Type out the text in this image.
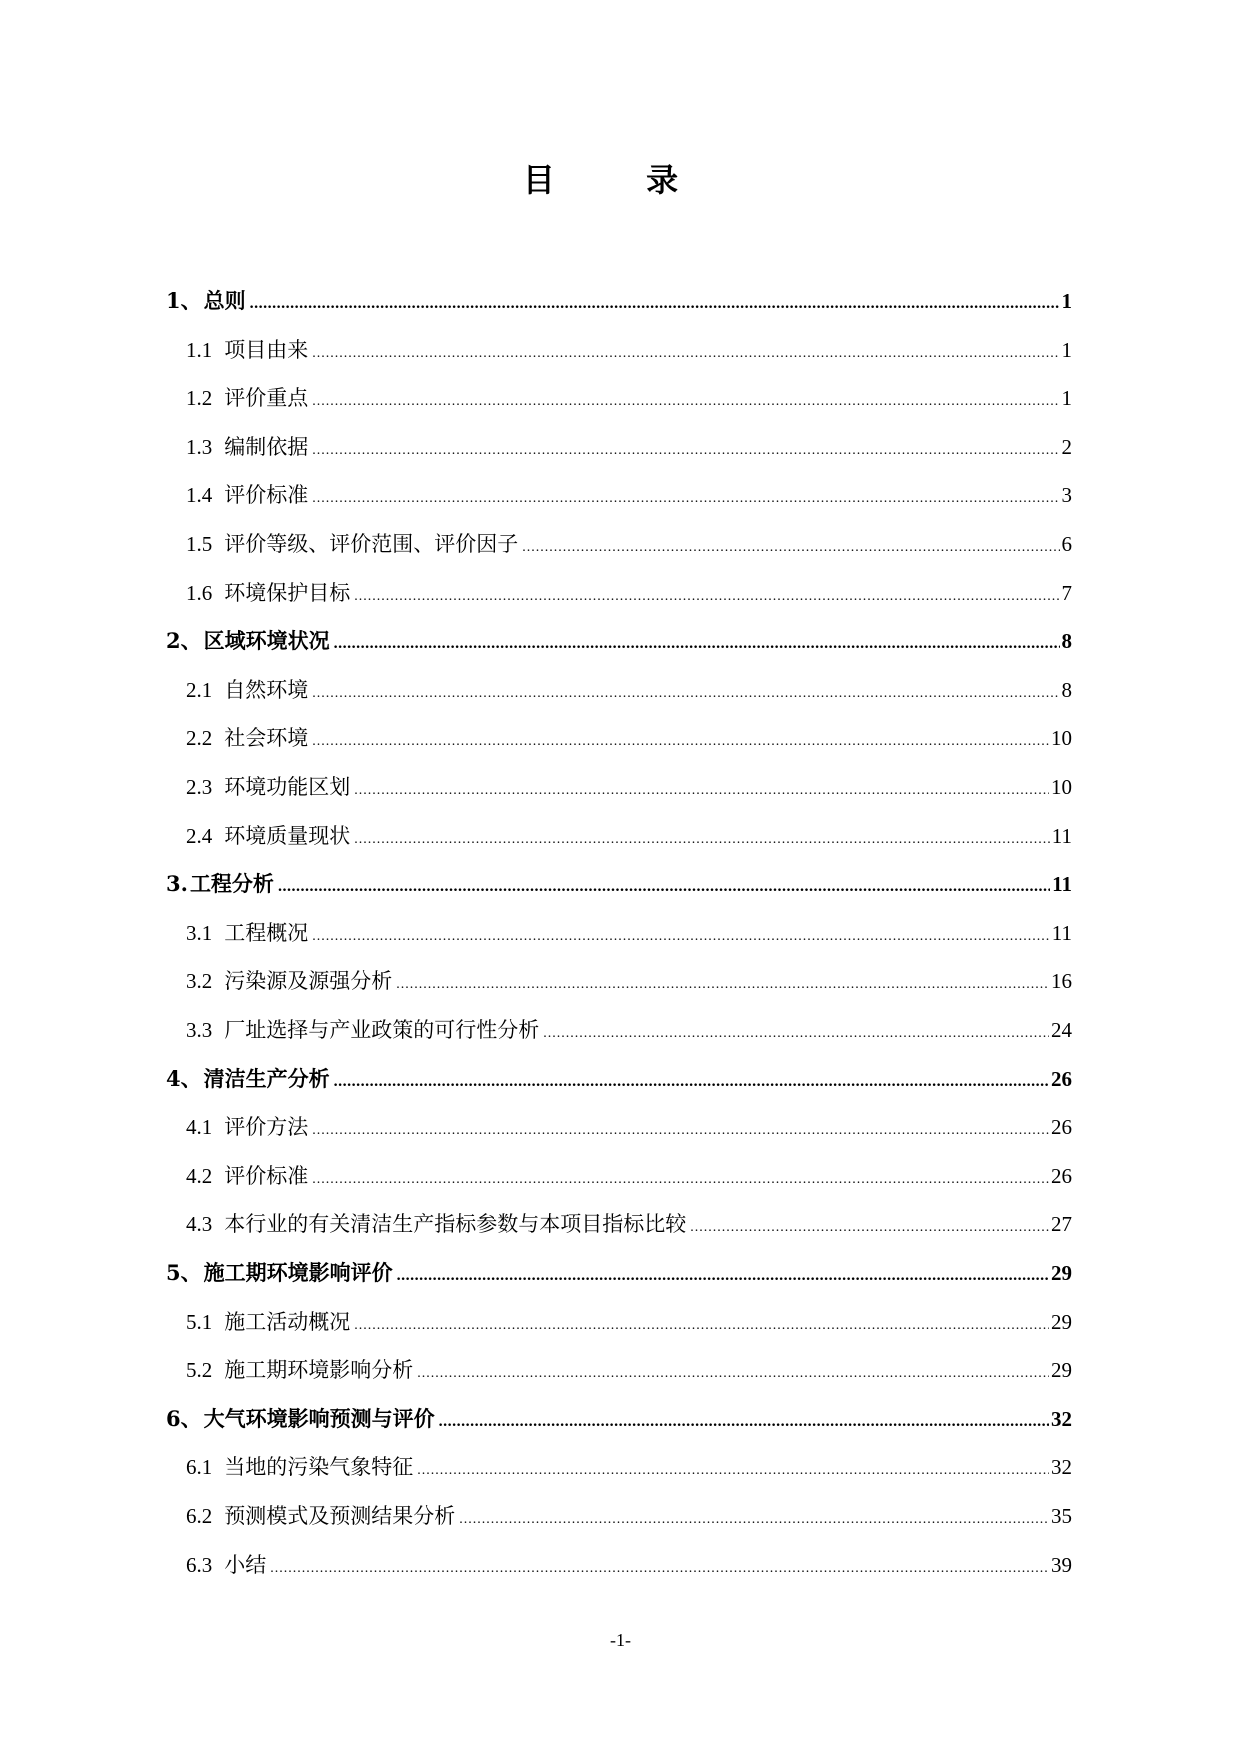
目 录
1、 总则 .....	1
1.1 项目由来 .....	1
1.2 评价重点 .....	1
1.3 编制依据 .....	2
1.4 评价标准 .....	3
1.5 评价等级、评价范围、评价因子 .....	6
1.6 环境保护目标 .....	7
2、 区域环境状况 .....	8
2.1 自然环境 .....	8
2.2 社会环境 .....	10
2.3 环境功能区划 .....	10
2.4 环境质量现状 .....	11
3. 工程分析 .....	11
3.1 工程概况 .....	11
3.2 污染源及源强分析 .....	16
3.3 厂址选择与产业政策的可行性分析 .....	24
4、 清洁生产分析 .....	26
4.1 评价方法 .....	26
4.2 评价标准 .....	26
4.3 本行业的有关清洁生产指标参数与本项目指标比较 .....	27
5、 施工期环境影响评价 .....	29
5.1 施工活动概况 .....	29
5.2 施工期环境影响分析 .....	29
6、 大气环境影响预测与评价 .....	32
6.1 当地的污染气象特征 .....	32
6.2 预测模式及预测结果分析 .....	35
6.3 小结 .....	39
-1-
